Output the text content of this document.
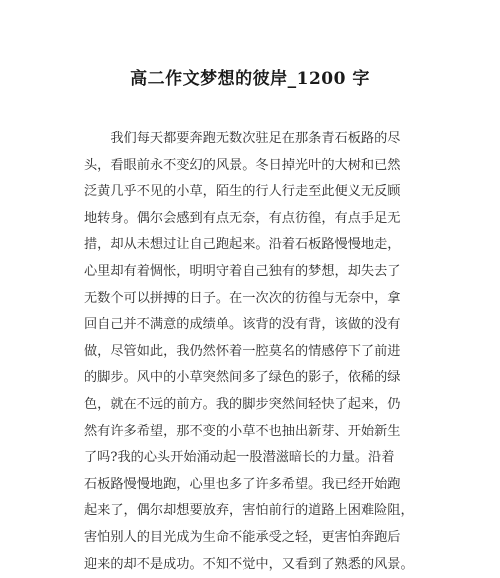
高二作文梦想的彼岸_1200 字
　　我们每天都要奔跑无数次驻足在那条青石板路的尽
头，看眼前永不变幻的风景。冬日掉光叶的大树和已然
泛黄几乎不见的小草，陌生的行人行走至此便义无反顾
地转身。偶尔会感到有点无奈，有点彷徨，有点手足无
措，却从未想过让自己跑起来。沿着石板路慢慢地走，
心里却有着惆怅，明明守着自己独有的梦想，却失去了
无数个可以拼搏的日子。在一次次的彷徨与无奈中，拿
回自己并不满意的成绩单。该背的没有背，该做的没有
做，尽管如此，我仍然怀着一腔莫名的情感停下了前进
的脚步。风中的小草突然间多了绿色的影子，依稀的绿
色，就在不远的前方。我的脚步突然间轻快了起来，仍
然有许多希望，那不变的小草不也抽出新芽、开始新生
了吗?我的心头开始涌动起一股潜滋暗长的力量。沿着
石板路慢慢地跑，心里也多了许多希望。我已经开始跑
起来了，偶尔却想要放弃，害怕前行的道路上困难险阻，
害怕别人的目光成为生命不能承受之轻，更害怕奔跑后
迎来的却不是成功。不知不觉中，又看到了熟悉的风景。
